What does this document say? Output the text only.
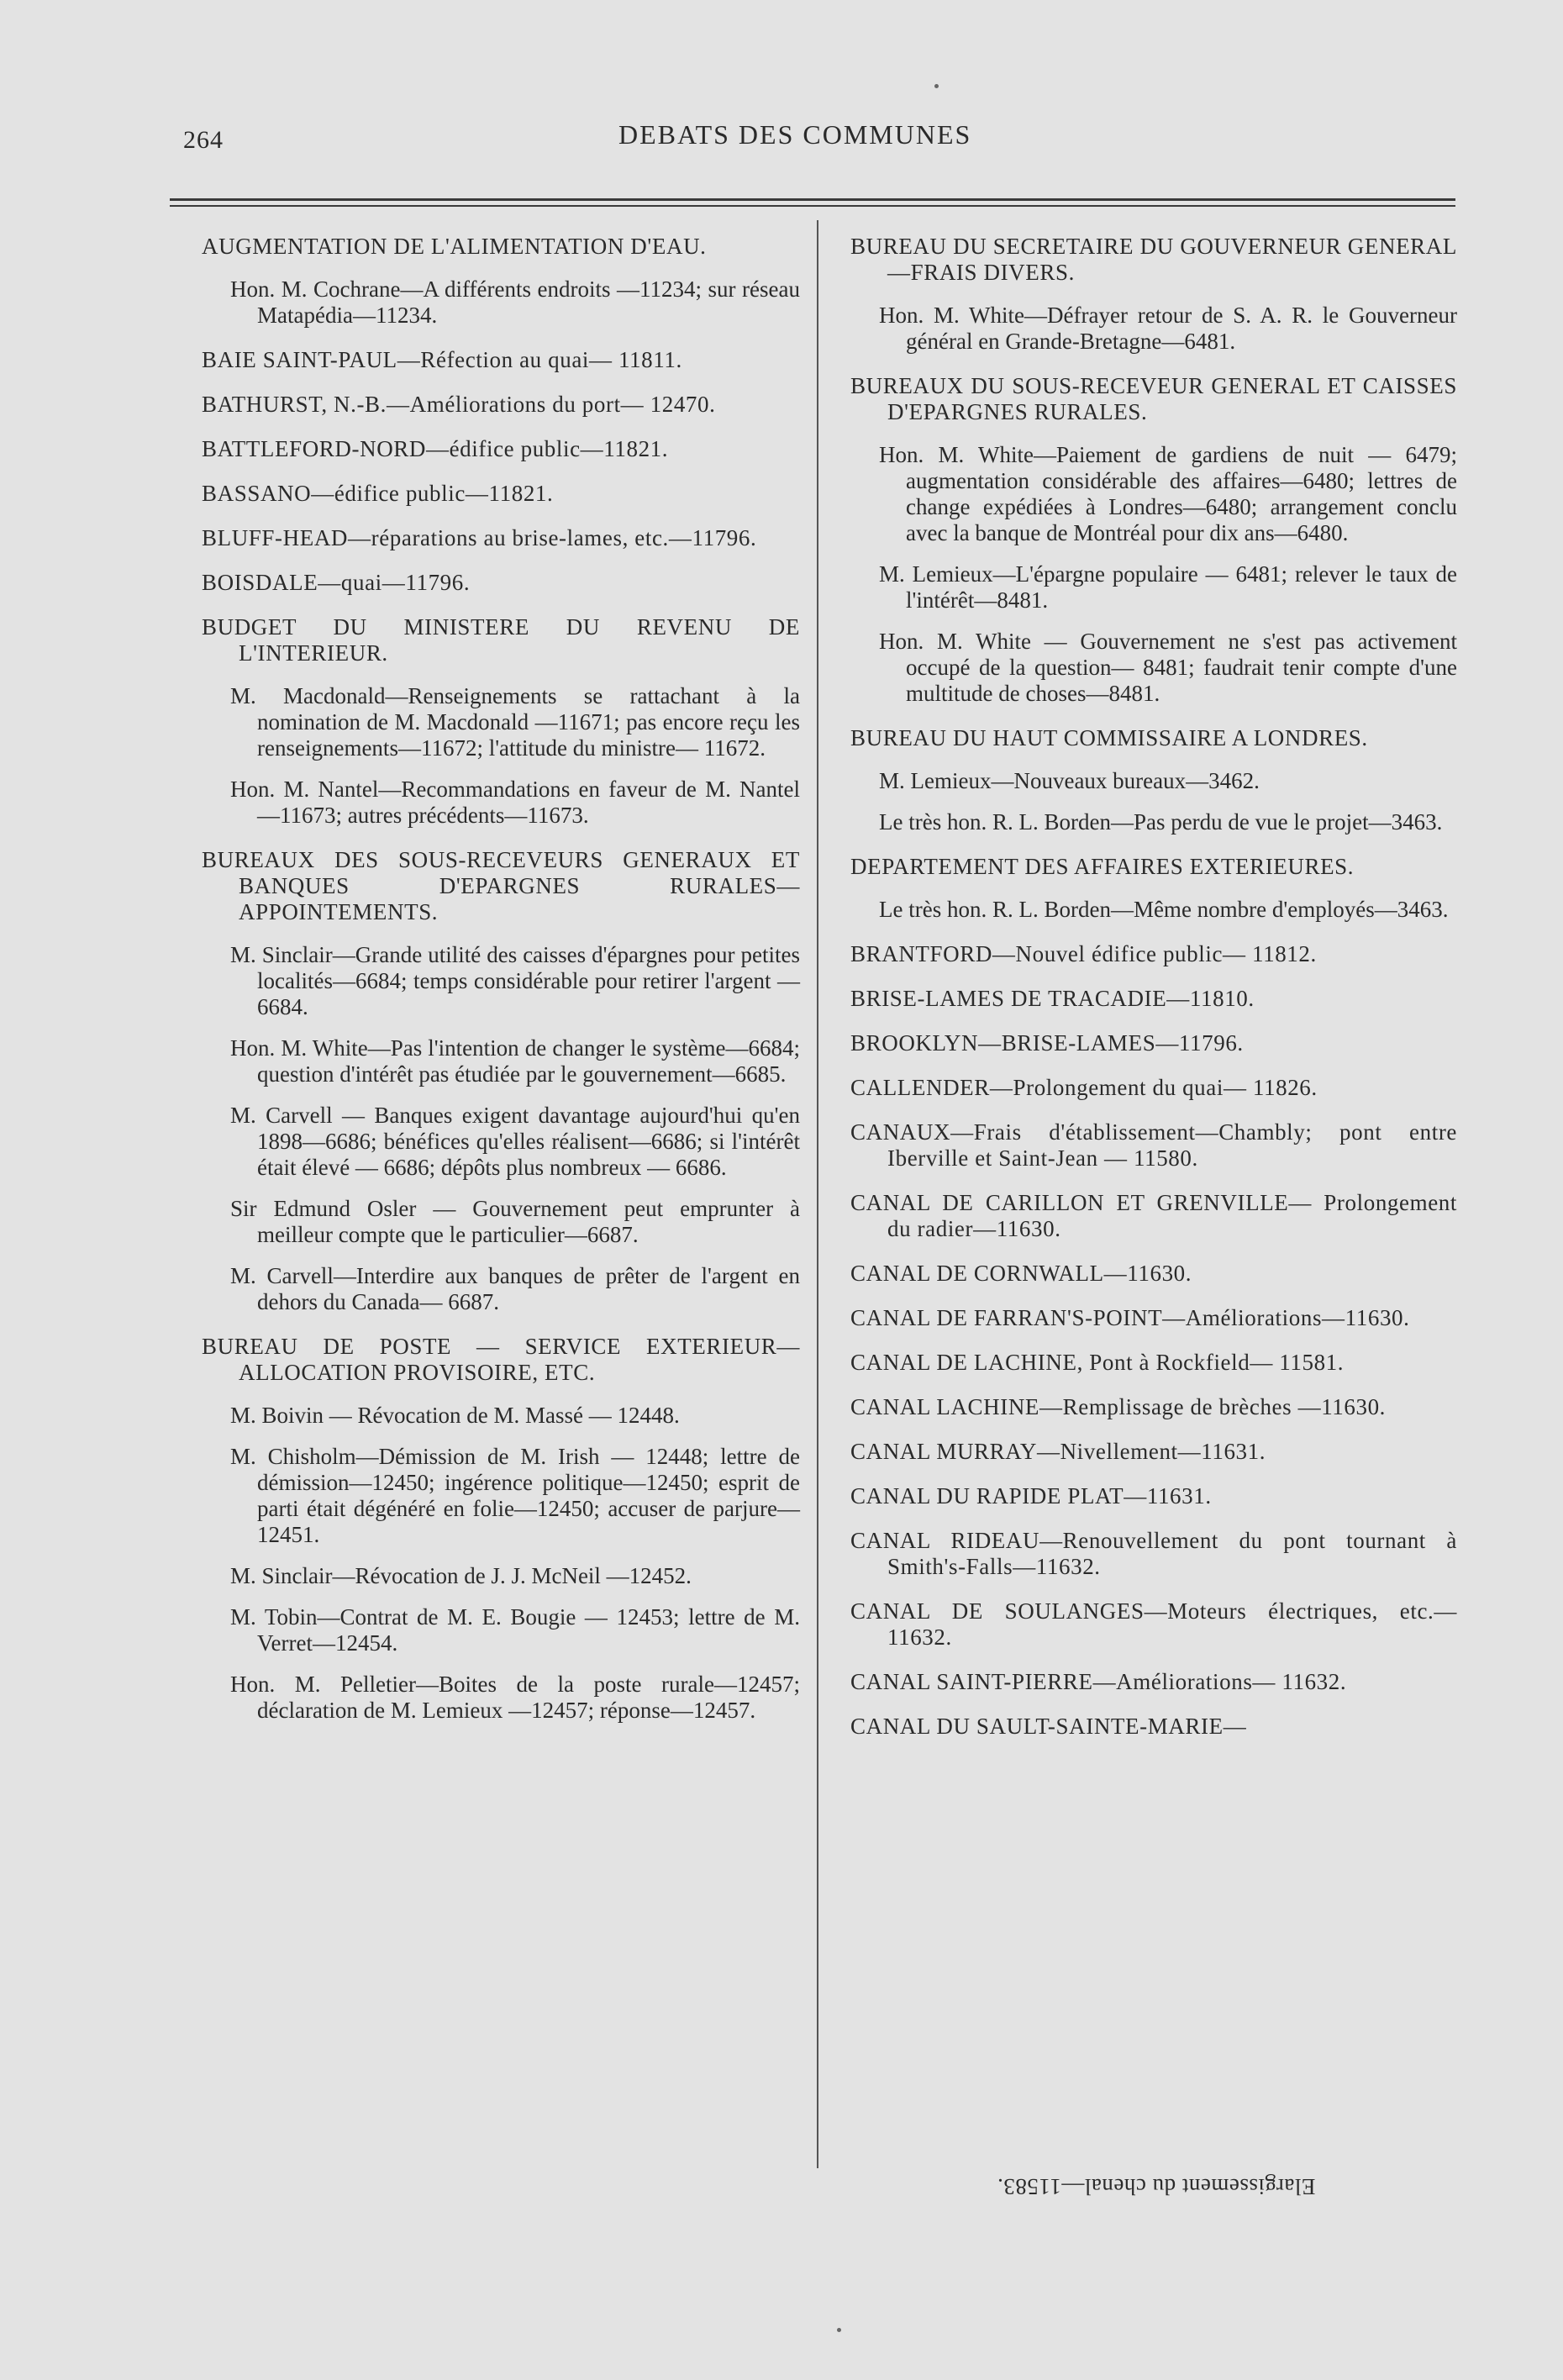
264	DEBATS DES COMMUNES
AUGMENTATION DE L'ALIMENTATION D'EAU.
Hon. M. Cochrane—A différents endroits —11234; sur réseau Matapédia—11234.
BAIE SAINT-PAUL—Réfection au quai— 11811.
BATHURST, N.-B.—Améliorations du port— 12470.
BATTLEFORD-NORD—édifice public—11821.
BASSANO—édifice public—11821.
BLUFF-HEAD—réparations au brise-lames, etc.—11796.
BOISDALE—quai—11796.
BUDGET DU MINISTERE DU REVENU DE L'INTERIEUR.
M. Macdonald—Renseignements se rattachant à la nomination de M. Macdonald —11671; pas encore reçu les renseignements—11672; l'attitude du ministre— 11672.
Hon. M. Nantel—Recommandations en faveur de M. Nantel—11673; autres précédents—11673.
BUREAUX DES SOUS-RECEVEURS GENERAUX ET BANQUES D'EPARGNES RURALES—APPOINTEMENTS.
M. Sinclair—Grande utilité des caisses d'épargnes pour petites localités—6684; temps considérable pour retirer l'argent —6684.
Hon. M. White—Pas l'intention de changer le système—6684; question d'intérêt pas étudiée par le gouvernement—6685.
M. Carvell — Banques exigent davantage aujourd'hui qu'en 1898—6686; bénéfices qu'elles réalisent—6686; si l'intérêt était élevé — 6686; dépôts plus nombreux — 6686.
Sir Edmund Osler — Gouvernement peut emprunter à meilleur compte que le particulier—6687.
M. Carvell—Interdire aux banques de prêter de l'argent en dehors du Canada— 6687.
BUREAU DE POSTE — SERVICE EXTERIEUR—ALLOCATION PROVISOIRE, ETC.
M. Boivin — Révocation de M. Massé — 12448.
M. Chisholm—Démission de M. Irish — 12448; lettre de démission—12450; ingérence politique—12450; esprit de parti était dégénéré en folie—12450; accuser de parjure—12451.
M. Sinclair—Révocation de J. J. McNeil —12452.
M. Tobin—Contrat de M. E. Bougie — 12453; lettre de M. Verret—12454.
Hon. M. Pelletier—Boites de la poste rurale—12457; déclaration de M. Lemieux —12457; réponse—12457.
BUREAU DU SECRETAIRE DU GOUVERNEUR GENERAL—FRAIS DIVERS.
Hon. M. White—Défrayer retour de S. A. R. le Gouverneur général en Grande-Bretagne—6481.
BUREAUX DU SOUS-RECEVEUR GENERAL ET CAISSES D'EPARGNES RURALES.
Hon. M. White—Paiement de gardiens de nuit — 6479; augmentation considérable des affaires—6480; lettres de change expédiées à Londres—6480; arrangement conclu avec la banque de Montréal pour dix ans—6480.
M. Lemieux—L'épargne populaire — 6481; relever le taux de l'intérêt—8481.
Hon. M. White — Gouvernement ne s'est pas activement occupé de la question— 8481; faudrait tenir compte d'une multitude de choses—8481.
BUREAU DU HAUT COMMISSAIRE A LONDRES.
M. Lemieux—Nouveaux bureaux—3462.
Le très hon. R. L. Borden—Pas perdu de vue le projet—3463.
DEPARTEMENT DES AFFAIRES EXTERIEURES.
Le très hon. R. L. Borden—Même nombre d'employés—3463.
BRANTFORD—Nouvel édifice public— 11812.
BRISE-LAMES DE TRACADIE—11810.
BROOKLYN—BRISE-LAMES—11796.
CALLENDER—Prolongement du quai— 11826.
CANAUX—Frais d'établissement—Chambly; pont entre Iberville et Saint-Jean — 11580.
CANAL DE CARILLON ET GRENVILLE— Prolongement du radier—11630.
CANAL DE CORNWALL—11630.
CANAL DE FARRAN'S-POINT—Améliorations—11630.
CANAL DE LACHINE, Pont à Rockfield— 11581.
CANAL LACHINE—Remplissage de brèches —11630.
CANAL MURRAY—Nivellement—11631.
CANAL DU RAPIDE PLAT—11631.
CANAL RIDEAU—Renouvellement du pont tournant à Smith's-Falls—11632.
CANAL DE SOULANGES—Moteurs électriques, etc.—11632.
CANAL SAINT-PIERRE—Améliorations— 11632.
CANAL DU SAULT-SAINTE-MARIE—
Elargissement du chenal—11583.
